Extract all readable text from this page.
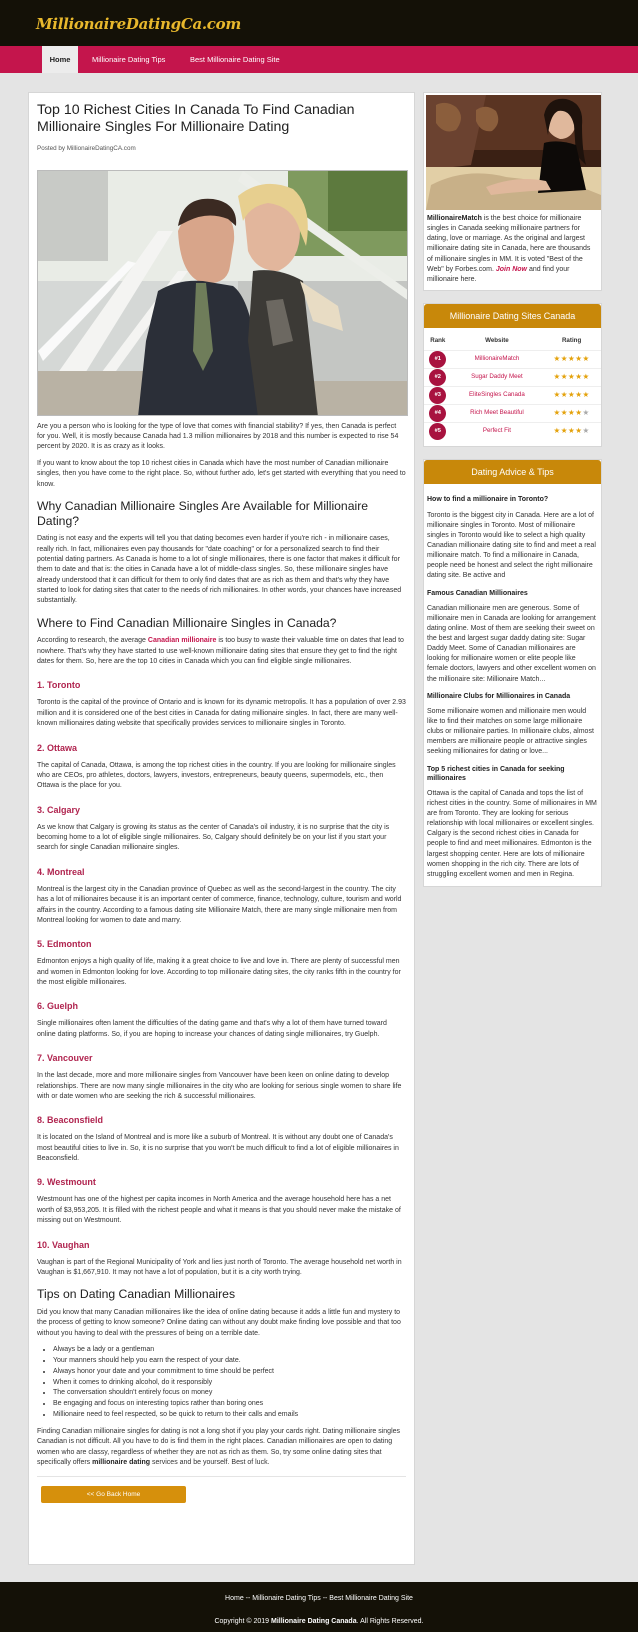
MillionaireDatingCa.com
Home	Millionaire Dating Tips	Best Millionaire Dating Site
Top 10 Richest Cities In Canada To Find Canadian Millionaire Singles For Millionaire Dating
Posted by MillionaireDatingCA.com

Are you a person who is looking for the type of love that comes with financial stability? If yes, then Canada is perfect for you. Well, it is mostly because Canada had 1.3 million millionaires by 2018 and this number is expected to rise 54 percent by 2020. It is as crazy as it looks.

If you want to know about the top 10 richest cities in Canada which have the most number of Canadian millionaire singles, then you have come to the right place. So, without further ado, let's get started with everything that you need to know.

Why Canadian Millionaire Singles Are Available for Millionaire Dating?

Dating is not easy and the experts will tell you that dating becomes even harder if you're rich - in millionaire cases, really rich. In fact, millionaires even pay thousands for "date coaching" or for a personalized search to find their potential dating partners. As Canada is home to a lot of single millionaires, there is one factor that makes it difficult for them to date and that is: the cities in Canada have a lot of middle-class singles. So, these millionaire singles have already understood that it can difficult for them to only find dates that are as rich as them and that's why they have started to look for dating sites that cater to the needs of rich millionaires. In other words, your chances have increased substantially.

Where to Find Canadian Millionaire Singles in Canada?

According to research, the average Canadian millionaire is too busy to waste their valuable time on dates that lead to nowhere. That's why they have started to use well-known millionaire dating sites that ensure they get to find the right dates for them. So, here are the top 10 cities in Canada which you can find eligible single millionaires.

1. Toronto

Toronto is the capital of the province of Ontario and is known for its dynamic metropolis. It has a population of over 2.93 million and it is considered one of the best cities in Canada for dating millionaire singles. In fact, there are many well-known millionaires dating website that specifically provides services to millionaire singles in Toronto.

2. Ottawa

The capital of Canada, Ottawa, is among the top richest cities in the country. If you are looking for millionaire singles who are CEOs, pro athletes, doctors, lawyers, investors, entrepreneurs, beauty queens, supermodels, etc., then Ottawa is the place for you.

3. Calgary

As we know that Calgary is growing its status as the center of Canada's oil industry, it is no surprise that the city is becoming home to a lot of eligible single millionaires. So, Calgary should definitely be on your list if you start your search for single Canadian millionaire singles.

4. Montreal

Montreal is the largest city in the Canadian province of Quebec as well as the second-largest in the country. The city has a lot of millionaires because it is an important center of commerce, finance, technology, culture, tourism and world affairs in the country. According to a famous dating site Millionaire Match, there are many single millionaire men from Montreal looking for women to date and marry.

5. Edmonton

Edmonton enjoys a high quality of life, making it a great choice to live and love in. There are plenty of successful men and women in Edmonton looking for love. According to top millionaire dating sites, the city ranks fifth in the country for the most eligible millionaires.

6. Guelph

Single millionaires often lament the difficulties of the dating game and that's why a lot of them have turned toward online dating platforms. So, if you are hoping to increase your chances of dating single millionaires, try Guelph.

7. Vancouver

In the last decade, more and more millionaire singles from Vancouver have been keen on online dating to develop relationships. There are now many single millionaires in the city who are looking for serious single women to share life with or date women who are seeking the rich & successful millionaires.

8. Beaconsfield

It is located on the Island of Montreal and is more like a suburb of Montreal. It is without any doubt one of Canada's most beautiful cities to live in. So, it is no surprise that you won't be much difficult to find a lot of eligible millionaires in Beaconsfield.

9. Westmount

Westmount has one of the highest per capita incomes in North America and the average household here has a net worth of $3,953,205. It is filled with the richest people and what it means is that you should never make the mistake of missing out on Westmount.

10. Vaughan

Vaughan is part of the Regional Municipality of York and lies just north of Toronto. The average household net worth in Vaughan is $1,667,910. It may not have a lot of population, but it is a city worth trying.

Tips on Dating Canadian Millionaires

Did you know that many Canadian millionaires like the idea of online dating because it adds a little fun and mystery to the process of getting to know someone? Online dating can without any doubt make finding love possible and that too without you having to deal with the pressures of being on a terrible date.

• Always be a lady or a gentleman
• Your manners should help you earn the respect of your date.
• Always honor your date and your commitment to time should be perfect
• When it comes to drinking alcohol, do it responsibly
• The conversation shouldn't entirely focus on money
• Be engaging and focus on interesting topics rather than boring ones
• Millionaire need to feel respected, so be quick to return to their calls and emails

Finding Canadian millionaire singles for dating is not a long shot if you play your cards right. Dating millionaire singles Canadian is not difficult. All you have to do is find them in the right places. Canadian millionaires are open to dating women who are classy, regardless of whether they are not as rich as them. So, try some online dating sites that specifically offers millionaire dating services and be yourself. Best of luck.

<< Go Back Home
MillionaireMatch is the best choice for millionaire singles in Canada seeking millionaire partners for dating, love or marriage. As the original and largest millionaire dating site in Canada, here are thousands of millionaire singles in MM. It is voted "Best of the Web" by Forbes.com. Join Now and find your millionaire here.
Millionaire Dating Sites Canada
Rank	Website	Rating
#1	MillionaireMatch	★★★★★
#2	Sugar Daddy Meet	★★★★★
#3	EliteSingles Canada	★★★★★
#4	Rich Meet Beautiful	★★★★★
#5	Perfect Fit	★★★★★
Dating Advice & Tips
How to find a millionaire in Toronto?
Toronto is the biggest city in Canada. Here are a lot of millionaire singles in Toronto. Most of millionaire singles in Toronto would like to select a high quality Canadian millionaire dating site to find and meet a real millionaire match. To find a millionaire in Canada, people need be honest and select the right millionaire dating site. Be active and
Famous Canadian Millionaires
Canadian millionaire men are generous. Some of millionaire men in Canada are looking for arrangement dating online. Most of them are seeking their sweet on the best and largest sugar daddy dating site: Sugar Daddy Meet. Some of Canadian millionaires are looking for millionaire women or elite people like female doctors, lawyers and other excellent women on the millionaire site: Millionaire Match...
Millionaire Clubs for Millionaires in Canada
Some millionaire women and millionaire men would like to find their matches on some large millionaire clubs or millionaire parties. In millionaire clubs, almost members are millionaire people or attractive singles seeking millionaires for dating or love...
Top 5 richest cities in Canada for seeking millionaires
Ottawa is the capital of Canada and tops the list of richest cities in the country. Some of millionaires in MM are from Toronto. They are looking for serious relationship with local millionaires or excellent singles. Calgary is the second richest cities in Canada for people to find and meet millionaires. Edmonton is the largest shopping center. Here are lots of millionaire women shopping in the rich city. There are lots of struggling excellent women and men in Regina.
Home -- Millionaire Dating Tips -- Best Millionaire Dating Site
Copyright © 2019 Millionaire Dating Canada. All Rights Reserved.
